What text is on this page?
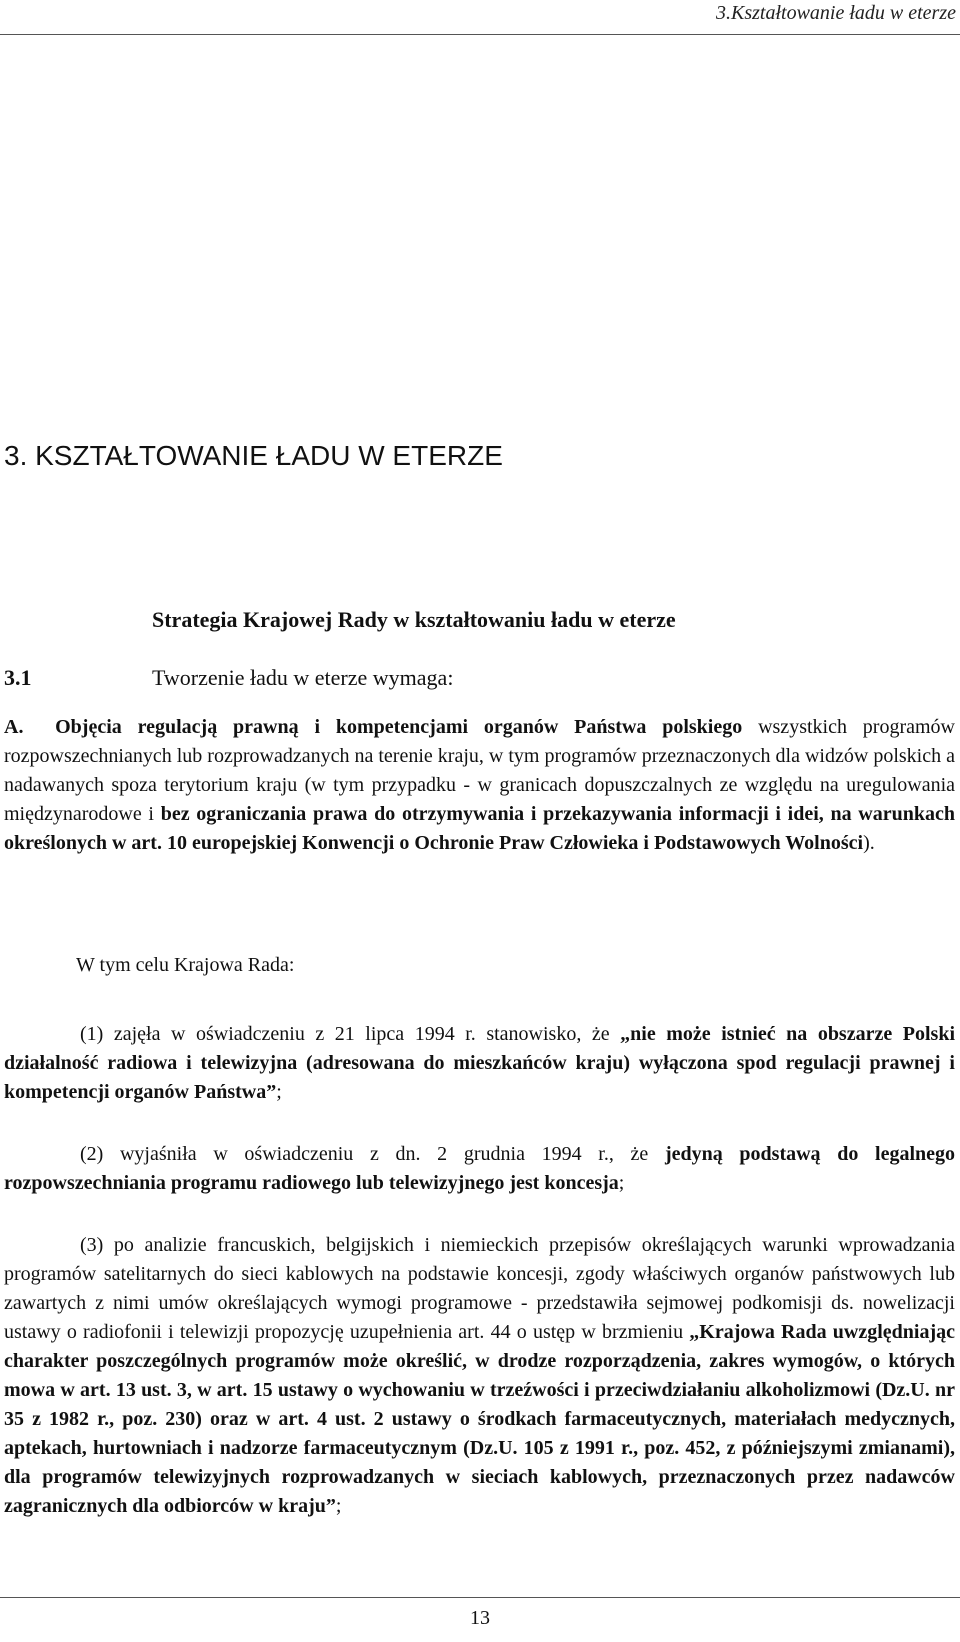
3.Kształtowanie ładu w eterze
3. KSZTAŁTOWANIE ŁADU W ETERZE
Strategia Krajowej Rady w kształtowaniu ładu w eterze
3.1	Tworzenie ładu w eterze wymaga:
A. Objęcia regulacją prawną i kompetencjami organów Państwa polskiego wszystkich programów rozpowszechnianych lub rozprowadzanych na terenie kraju, w tym programów przeznaczonych dla widzów polskich a nadawanych spoza terytorium kraju (w tym przypadku - w granicach dopuszczalnych ze względu na uregulowania międzynarodowe i bez ograniczania prawa do otrzymywania i przekazywania informacji i idei, na warunkach określonych w art. 10 europejskiej Konwencji o Ochronie Praw Człowieka i Podstawowych Wolności).
W tym celu Krajowa Rada:
(1) zajęła w oświadczeniu z 21 lipca 1994 r. stanowisko, że „nie może istnieć na obszarze Polski działalność radiowa i telewizyjna (adresowana do mieszkańców kraju) wyłączona spod regulacji prawnej i kompetencji organów Państwa”;
(2) wyjaśniła w oświadczeniu z dn. 2 grudnia 1994 r., że jedyną podstawą do legalnego rozpowszechniania programu radiowego lub telewizyjnego jest koncesja;
(3) po analizie francuskich, belgijskich i niemieckich przepisów określających warunki wprowadzania programów satelitarnych do sieci kablowych na podstawie koncesji, zgody właściwych organów państwowych lub zawartych z nimi umów określających wymogi programowe - przedstawiła sejmowej podkomisji ds. nowelizacji ustawy o radiofonii i telewizji propozycję uzupełnienia art. 44 o ustęp w brzmieniu „Krajowa Rada uwzględniając charakter poszczególnych programów może określić, w drodze rozporządzenia, zakres wymogów, o których mowa w art. 13 ust. 3, w art. 15 ustawy o wychowaniu w trzeźwości i przeciwdziałaniu alkoholizmowi (Dz.U. nr 35 z 1982 r., poz. 230) oraz w art. 4 ust. 2 ustawy o środkach farmaceutycznych, materiałach medycznych, aptekach, hurtowniach i nadzorze farmaceutycznym (Dz.U. 105 z 1991 r., poz. 452, z późniejszymi zmianami), dla programów telewizyjnych rozprowadzanych w sieciach kablowych, przeznaczonych przez nadawców zagranicznych dla odbiorców w kraju”;
13
